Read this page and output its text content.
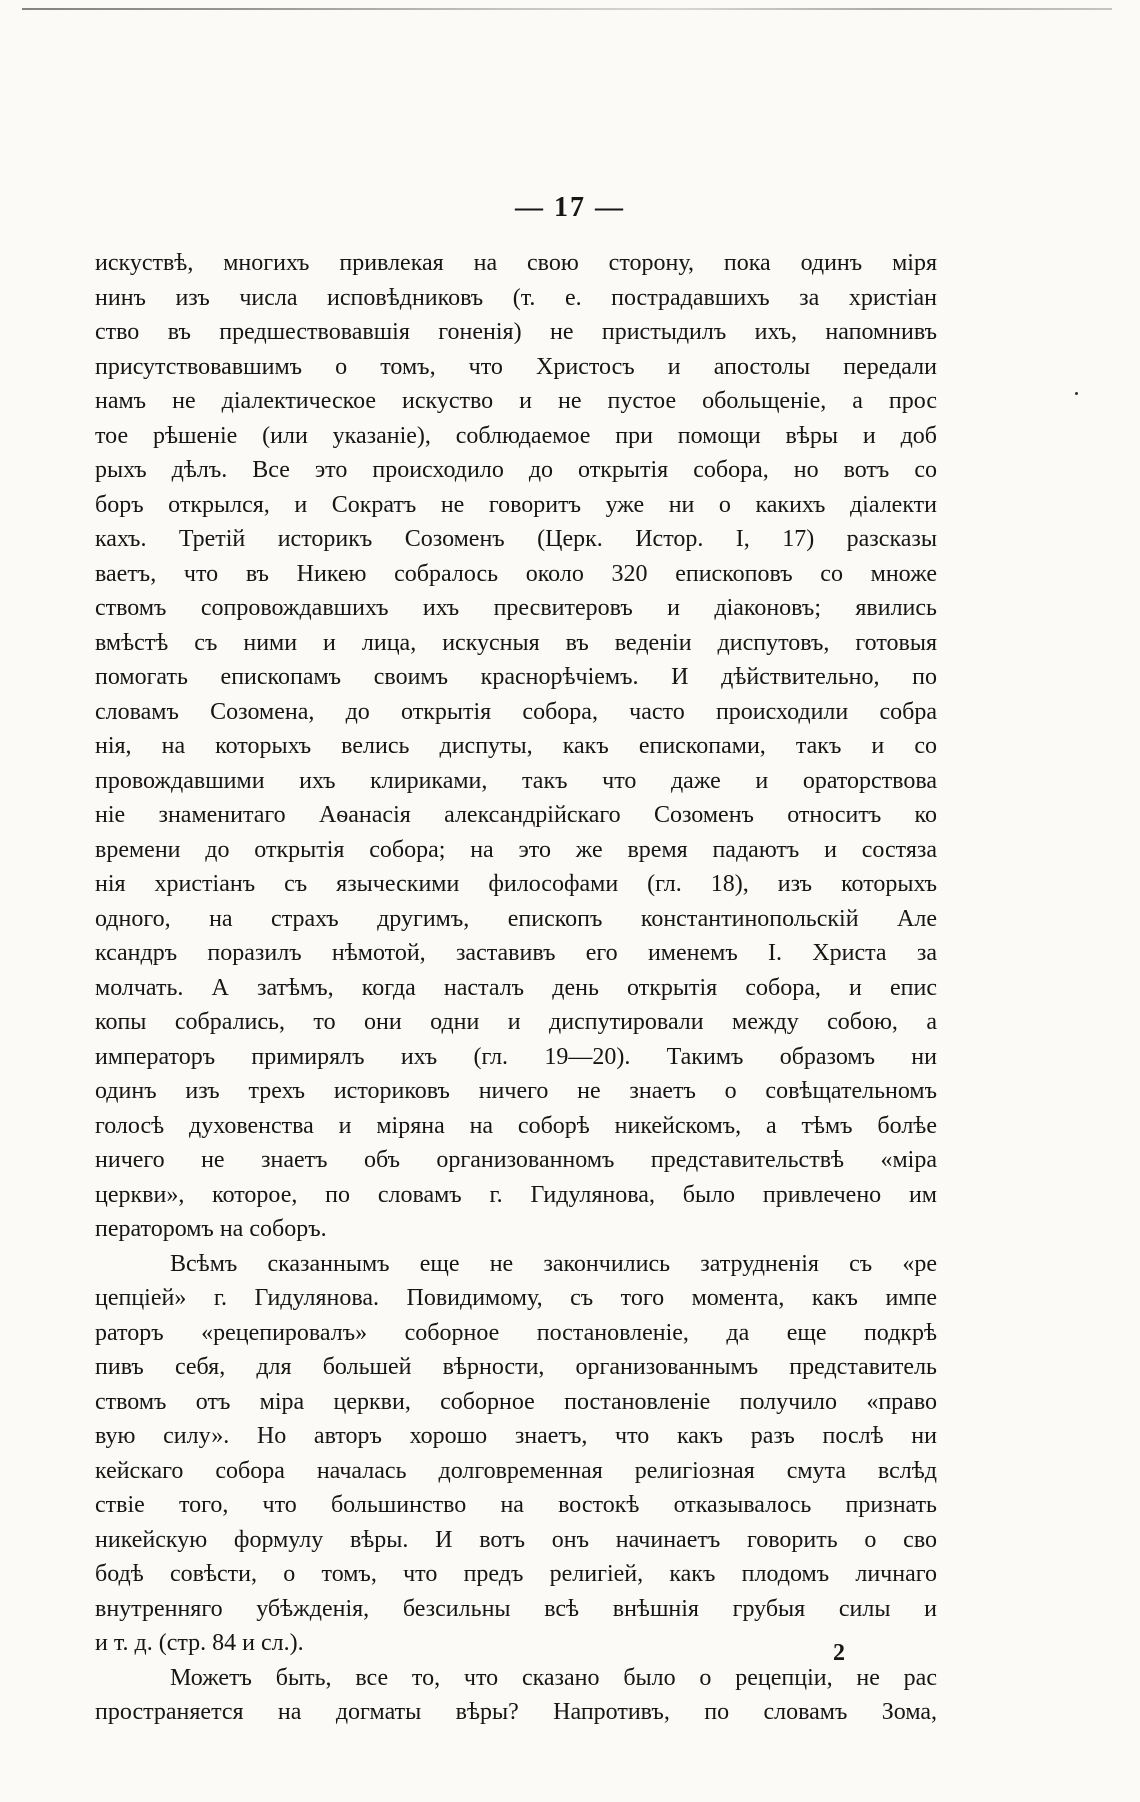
— 17 —
искуствѣ, многихъ привлекая на свою сторону, пока одинъ міря
нинъ изъ числа исповѣдниковъ (т. е. пострадавшихъ за христіан
ство въ предшествовавшія гоненія) не пристыдилъ ихъ, напомнивъ
присутствовавшимъ о томъ, что Христосъ и апостолы передали
намъ не діалектическое искуство и не пустое обольщеніе, а прос
тое рѣшеніе (или указаніе), соблюдаемое при помощи вѣры и доб
рыхъ дѣлъ. Все это происходило до открытія собора, но вотъ со
боръ открылся, и Сократъ не говоритъ уже ни о какихъ діалекти
кахъ. Третій историкъ Созоменъ (Церк. Истор. I, 17) разсказы
ваетъ, что въ Никею собралось около 320 епископовъ со множе
ствомъ сопровождавшихъ ихъ пресвитеровъ и діаконовъ; явились
вмѣстѣ съ ними и лица, искусныя въ веденіи диспутовъ, готовыя
помогать епископамъ своимъ краснорѣчіемъ. И дѣйствительно, по
словамъ Созомена, до открытія собора, часто происходили собра
нія, на которыхъ велись диспуты, какъ епископами, такъ и со
провождавшими ихъ клириками, такъ что даже и ораторствова
ніе знаменитаго Аѳанасія александрійскаго Созоменъ относитъ ко
времени до открытія собора; на это же время падаютъ и состяза
нія христіанъ съ языческими философами (гл. 18), изъ которыхъ
одного, на страхъ другимъ, епископъ константинопольскій Але
ксандръ поразилъ нѣмотой, заставивъ его именемъ І. Христа за
молчать. А затѣмъ, когда насталъ день открытія собора, и епис
копы собрались, то они одни и диспутировали между собою, а
императоръ примирялъ ихъ (гл. 19—20). Такимъ образомъ ни
одинъ изъ трехъ историковъ ничего не знаетъ о совѣщательномъ
голосѣ духовенства и міряна на соборѣ никейскомъ, а тѣмъ болѣе
ничего не знаетъ объ организованномъ представительствѣ «міра
церкви», которое, по словамъ г. Гидулянова, было привлечено им
ператоромъ на соборъ.
Всѣмъ сказаннымъ еще не закончились затрудненія съ «ре
цепціей» г. Гидулянова. Повидимому, съ того момента, какъ импе
раторъ «рецепировалъ» соборное постановленіе, да еще подкрѣ
пивъ себя, для большей вѣрности, организованнымъ представитель
ствомъ отъ міра церкви, соборное постановленіе получило «право
вую силу». Но авторъ хорошо знаетъ, что какъ разъ послѣ ни
кейскаго собора началась долговременная религіозная смута вслѣд
ствіе того, что большинство на востокѣ отказывалось признать
никейскую формулу вѣры. И вотъ онъ начинаетъ говорить о сво
бодѣ совѣсти, о томъ, что предъ религіей, какъ плодомъ личнаго
внутренняго убѣжденія, безсильны всѣ внѣшнія грубыя силы и
и т. д. (стр. 84 и сл.).
Можетъ быть, все то, что сказано было о рецепціи, не рас
пространяется на догматы вѣры? Напротивъ, по словамъ Зома,
2
